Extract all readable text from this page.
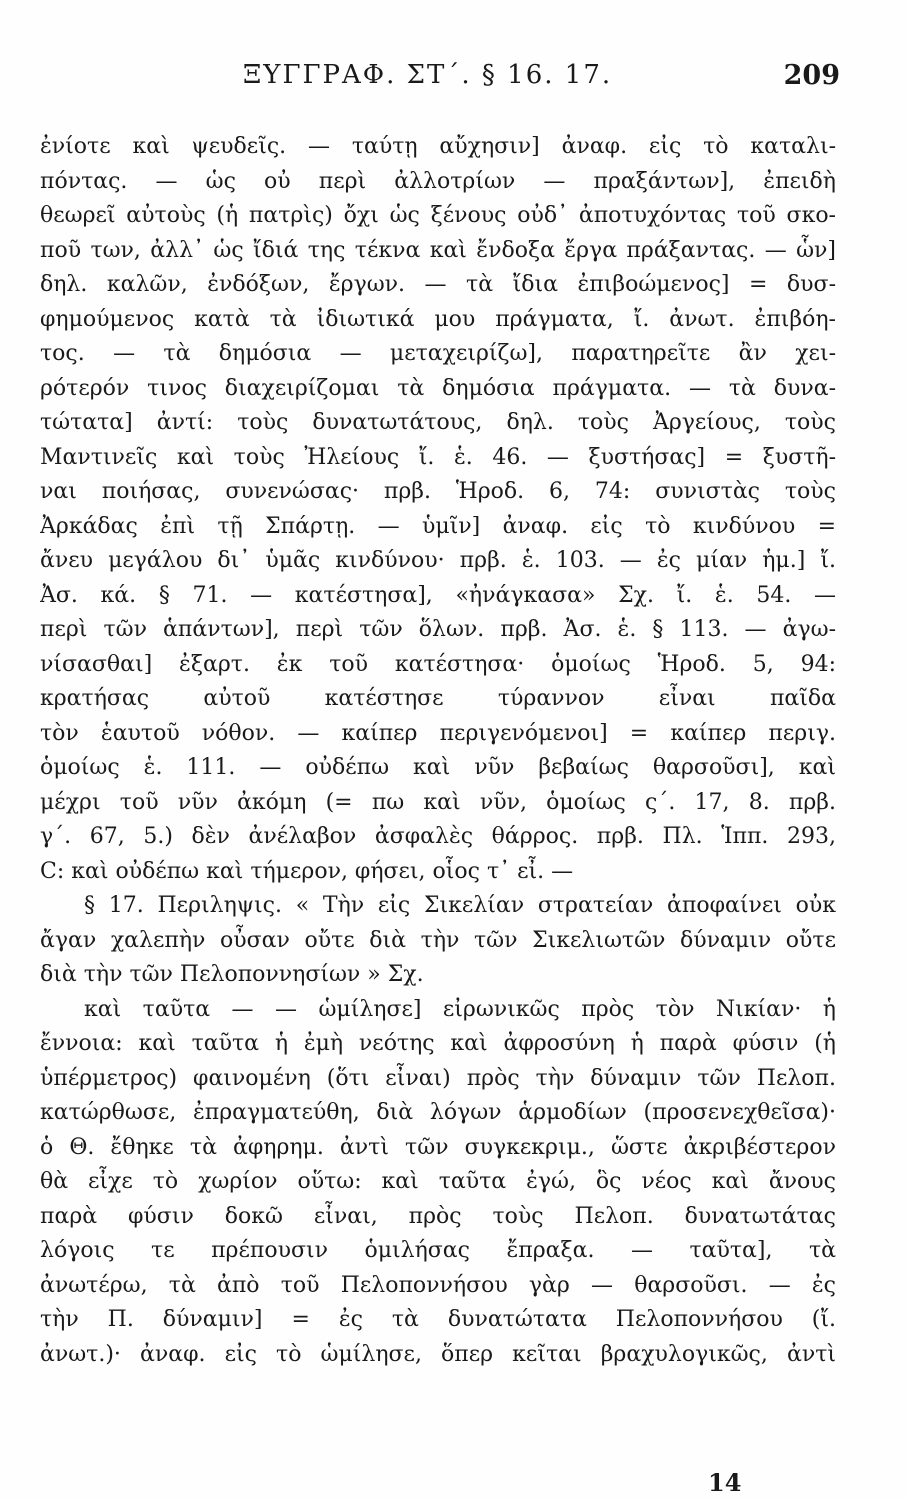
ΞΥΓΓΡΑΦ. ΣΤ΄. § 16. 17.	209
ἐνίοτε καὶ ψευδεῖς. — ταύτῃ αὔχησιν] ἀναφ. εἰς τὸ καταλι-
πόντας. — ὡς οὐ περὶ ἀλλοτρίων — πραξάντων], ἐπειδὴ
θεωρεῖ αὐτοὺς (ἡ πατρὶς) ὄχι ὡς ξένους οὐδ᾽ ἀποτυχόντας τοῦ σκο-
ποῦ των, ἀλλ᾽ ὡς ἴδιά της τέκνα καὶ ἔνδοξα ἔργα πράξαντας. — ὧν]
δηλ. καλῶν, ἐνδόξων, ἔργων. — τὰ ἴδια ἐπιβοώμενος] = δυσ-
φημούμενος κατὰ τὰ ἰδιωτικά μου πράγματα, ἴ. ἀνωτ. ἐπιβόη-
τος. — τὰ δημόσια — μεταχειρίζω], παρατηρεῖτε ἂν χει-
ρότερόν τινος διαχειρίζομαι τὰ δημόσια πράγματα. — τὰ δυνα-
τώτατα] ἀντί: τοὺς δυνατωτάτους, δηλ. τοὺς Ἀργείους, τοὺς
Μαντινεῖς καὶ τοὺς Ἠλείους ἴ. ἑ. 46. — ξυστήσας] = ξυστῆ-
ναι ποιήσας, συνενώσας· πρβ. Ἡροδ. 6, 74: συνιστὰς τοὺς
Ἀρκάδας ἐπὶ τῇ Σπάρτῃ. — ὑμῖν] ἀναφ. εἰς τὸ κινδύνου =
ἄνευ μεγάλου δι᾽ ὑμᾶς κινδύνου· πρβ. ἑ. 103. — ἐς μίαν ἡμ.] ἴ.
Ἀσ. κά. § 71. — κατέστησα], «ἠνάγκασα» Σχ. ἴ. ἑ. 54. —
περὶ τῶν ἁπάντων], περὶ τῶν ὅλων. πρβ. Ἀσ. ἑ. § 113. — ἀγω-
νίσασθαι] ἐξαρτ. ἐκ τοῦ κατέστησα· ὁμοίως Ἡροδ. 5, 94:
κρατήσας αὐτοῦ κατέστησε τύραννον εἶναι παῖδα
τὸν ἑαυτοῦ νόθον. — καίπερ περιγενόμενοι] = καίπερ περιγ.
ὁμοίως ἑ. 111. — οὐδέπω καὶ νῦν βεβαίως θαρσοῦσι], καὶ
μέχρι τοῦ νῦν ἀκόμη (= πω καὶ νῦν, ὁμοίως ς΄. 17, 8. πρβ.
γ΄. 67, 5.) δὲν ἀνέλαβον ἀσφαλὲς θάρρος. πρβ. Πλ. Ἱππ. 293,
C: καὶ οὐδέπω καὶ τήμερον, φήσει, οἷος τ᾽ εἶ. —
§ 17. Περιληψις. « Τὴν εἰς Σικελίαν στρατείαν ἀποφαίνει οὐκ
ἄγαν χαλεπὴν οὖσαν οὔτε διὰ τὴν τῶν Σικελιωτῶν δύναμιν οὔτε
διὰ τὴν τῶν Πελοποννησίων » Σχ.
καὶ ταῦτα — — ὡμίλησε] εἰρωνικῶς πρὸς τὸν Νικίαν· ἡ
ἔννοια: καὶ ταῦτα ἡ ἐμὴ νεότης καὶ ἀφροσύνη ἡ παρὰ φύσιν (ἡ
ὑπέρμετρος) φαινομένη (ὅτι εἶναι) πρὸς τὴν δύναμιν τῶν Πελοπ.
κατώρθωσε, ἐπραγματεύθη, διὰ λόγων ἁρμοδίων (προσενεχθεῖσα)·
ὁ Θ. ἔθηκε τὰ ἀφηρημ. ἀντὶ τῶν συγκεκριμ., ὥστε ἀκριβέστερον
θὰ εἶχε τὸ χωρίον οὕτω: καὶ ταῦτα ἐγώ, ὃς νέος καὶ ἄνους
παρὰ φύσιν δοκῶ εἶναι, πρὸς τοὺς Πελοπ. δυνατωτάτας
λόγοις τε πρέπουσιν ὁμιλήσας ἔπραξα. — ταῦτα], τὰ
ἀνωτέρω, τὰ ἀπὸ τοῦ Πελοποννήσου γὰρ — θαρσοῦσι. — ἐς
τὴν Π. δύναμιν] = ἐς τὰ δυνατώτατα Πελοποννήσου (ἴ.
ἀνωτ.)· ἀναφ. εἰς τὸ ὡμίλησε, ὅπερ κεῖται βραχυλογικῶς, ἀντὶ
14
